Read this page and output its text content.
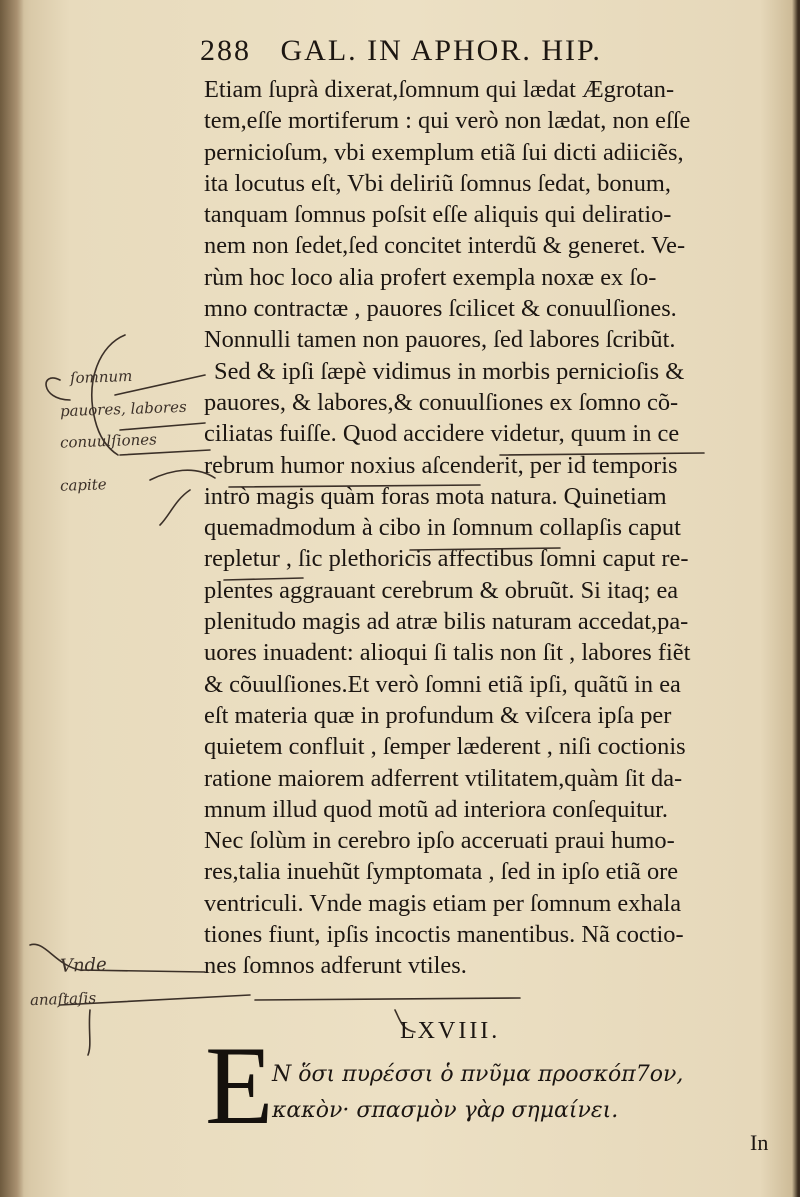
288 GAL. IN APHOR. HIP.
Etiam ſuprà dixerat,ſomnum qui lædat Ægrotan-
tem,eſſe mortiferum : qui verò non lædat, non eſſe
pernicioſum, vbi exemplum etiã ſui dicti adiiciẽs,
ita locutus eſt, Vbi deliriũ ſomnus ſedat, bonum,
tanquam ſomnus poſsit eſſe aliquis qui deliratio-
nem non ſedet,ſed concitet interdũ & generet. Ve-
rùm hoc loco alia profert exempla noxæ ex ſo-
mno contractæ , pauores ſcilicet & conuulſiones.
Nonnulli tamen non pauores, ſed labores ſcribũt.
Sed & ipſi ſæpè vidimus in morbis pernicioſis &
pauores, & labores,& conuulſiones ex ſomno cõ-
ciliatas fuiſſe. Quod accidere videtur, quum in ce
rebrum humor noxius aſcenderit, per id temporis
intrò magis quàm foras mota natura. Quinetiam
quemadmodum à cibo in ſomnum collapſis caput
repletur , ſic plethoricis affectibus ſomni caput re-
plentes aggrauant cerebrum & obruũt. Si itaq; ea
plenitudo magis ad atræ bilis naturam accedat,pa-
uores inuadent: alioqui ſi talis non ſit , labores fiẽt
& cõuulſiones.Et verò ſomni etiã ipſi, quãtũ in ea
eſt materia quæ in profundum & viſcera ipſa per
quietem confluit , ſemper læderent , niſi coctionis
ratione maiorem adferrent vtilitatem,quàm ſit da-
mnum illud quod motũ ad interiora conſequitur.
Nec ſolùm in cerebro ipſo acceruati praui humo-
res,talia inuehũt ſymptomata , ſed in ipſo etiã ore
ventriculi. Vnde magis etiam per ſomnum exhala
tiones fiunt, ipſis incoctis manentibus. Nã coctio-
nes ſomnos adferunt vtiles.
ſomnum
pauores, labores
conuulſiones
capite
Vnde
anaſtaſis
LXVIII.
E
N ὅσι πυρέσσι ὁ πνῦμα προσκόπ7ον,
κακὸν· σπασμὸν γὰρ σημαίνει.
In
